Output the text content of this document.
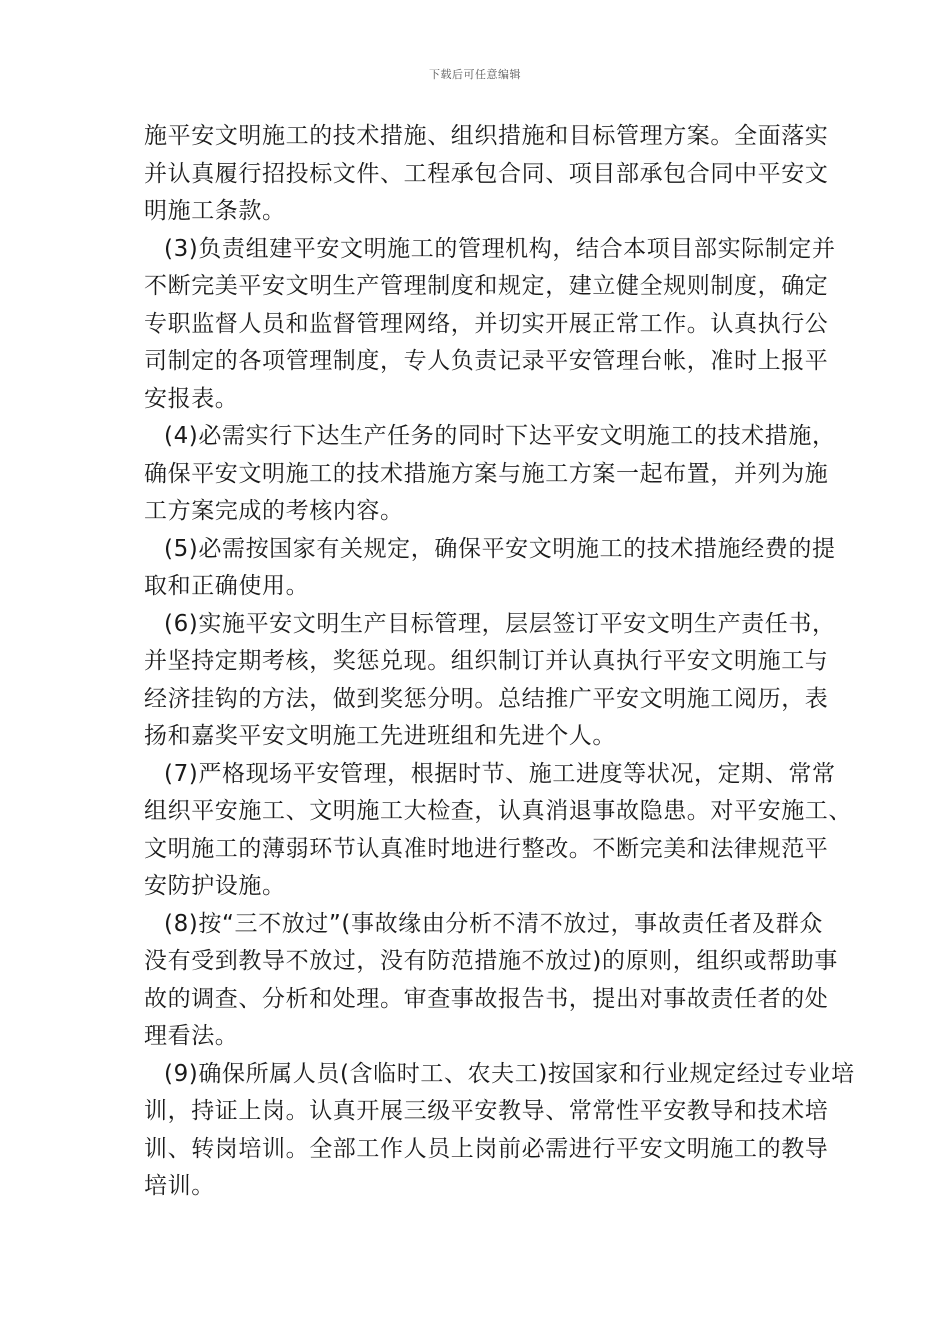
下载后可任意编辑
施平安文明施工的技术措施、组织措施和目标管理方案。全面落实
并认真履行招投标文件、工程承包合同、项目部承包合同中平安文
明施工条款。
(3)负责组建平安文明施工的管理机构，结合本项目部实际制定并
不断完美平安文明生产管理制度和规定，建立健全规则制度，确定
专职监督人员和监督管理网络，并切实开展正常工作。认真执行公
司制定的各项管理制度，专人负责记录平安管理台帐，准时上报平
安报表。
(4)必需实行下达生产任务的同时下达平安文明施工的技术措施，
确保平安文明施工的技术措施方案与施工方案一起布置，并列为施
工方案完成的考核内容。
(5)必需按国家有关规定，确保平安文明施工的技术措施经费的提
取和正确使用。
(6)实施平安文明生产目标管理，层层签订平安文明生产责任书，
并坚持定期考核，奖惩兑现。组织制订并认真执行平安文明施工与
经济挂钩的方法，做到奖惩分明。总结推广平安文明施工阅历，表
扬和嘉奖平安文明施工先进班组和先进个人。
(7)严格现场平安管理，根据时节、施工进度等状况，定期、常常
组织平安施工、文明施工大检查，认真消退事故隐患。对平安施工、
文明施工的薄弱环节认真准时地进行整改。不断完美和法律规范平
安防护设施。
(8)按“三不放过”(事故缘由分析不清不放过，事故责任者及群众
没有受到教导不放过，没有防范措施不放过)的原则，组织或帮助事
故的调查、分析和处理。审查事故报告书，提出对事故责任者的处
理看法。
(9)确保所属人员(含临时工、农夫工)按国家和行业规定经过专业培
训，持证上岗。认真开展三级平安教导、常常性平安教导和技术培
训、转岗培训。全部工作人员上岗前必需进行平安文明施工的教导
培训。
